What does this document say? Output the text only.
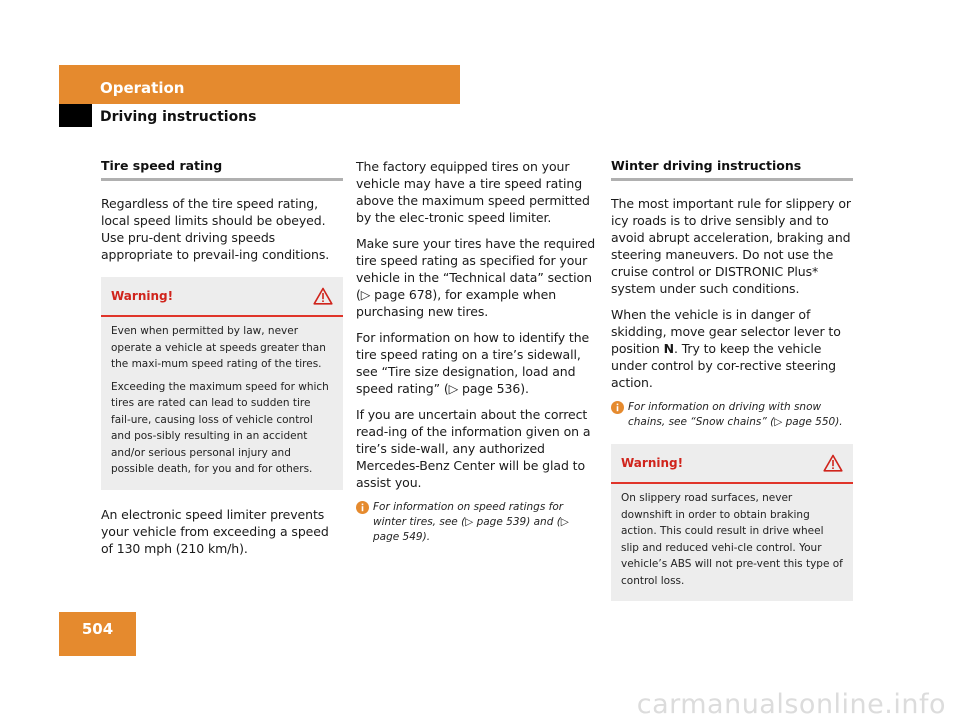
Operation
Driving instructions
Tire speed rating

Regardless of the tire speed rating, local speed limits should be obeyed. Use pru-dent driving speeds appropriate to prevail-ing conditions.

Warning!

Even when permitted by law, never operate a vehicle at speeds greater than the maxi-mum speed rating of the tires.

Exceeding the maximum speed for which tires are rated can lead to sudden tire fail-ure, causing loss of vehicle control and pos-sibly resulting in an accident and/or serious personal injury and possible death, for you and for others.

An electronic speed limiter prevents your vehicle from exceeding a speed of 130 mph (210 km/h).

The factory equipped tires on your vehicle may have a tire speed rating above the maximum speed permitted by the elec-tronic speed limiter.

Make sure your tires have the required tire speed rating as specified for your vehicle in the “Technical data” section (▷ page 678), for example when purchasing new tires.

For information on how to identify the tire speed rating on a tire’s sidewall, see “Tire size designation, load and speed rating” (▷ page 536).

If you are uncertain about the correct read-ing of the information given on a tire’s side-wall, any authorized Mercedes-Benz Center will be glad to assist you.

For information on speed ratings for winter tires, see (▷ page 539) and (▷ page 549).
Winter driving instructions

The most important rule for slippery or icy roads is to drive sensibly and to avoid abrupt acceleration, braking and steering maneuvers. Do not use the cruise control or DISTRONIC Plus* system under such conditions.

When the vehicle is in danger of skidding, move gear selector lever to position N. Try to keep the vehicle under control by cor-rective steering action.

For information on driving with snow chains, see “Snow chains” (▷ page 550).
Warning!

On slippery road surfaces, never downshift in order to obtain braking action. This could result in drive wheel slip and reduced vehi-cle control. Your vehicle’s ABS will not pre-vent this type of control loss.

504
carmanualsonline.info
